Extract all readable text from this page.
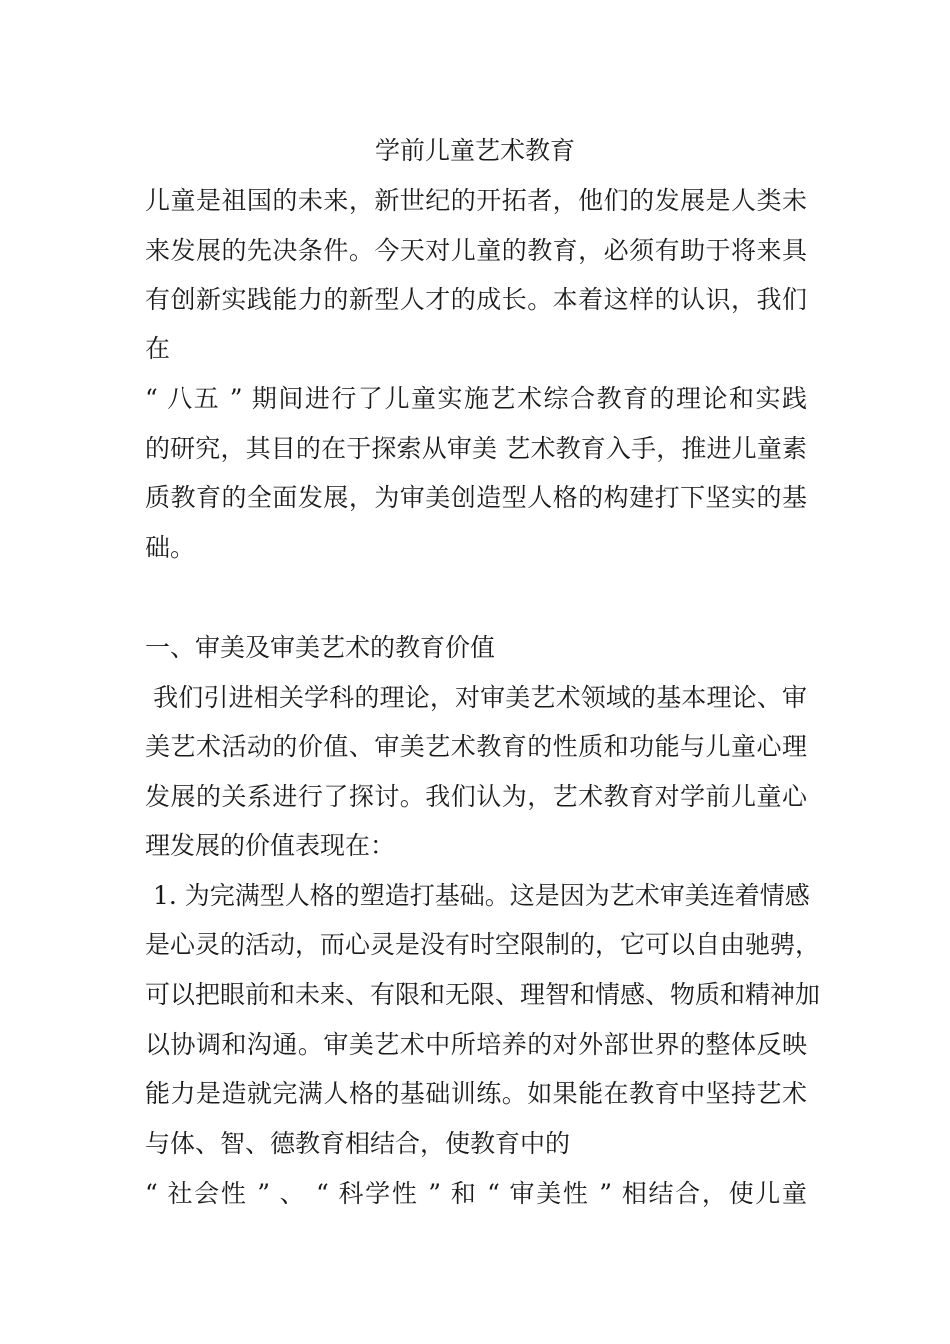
学前儿童艺术教育
儿童是祖国的未来，新世纪的开拓者，他们的发展是人类未
来发展的先决条件。今天对儿童的教育，必须有助于将来具
有创新实践能力的新型人才的成长。本着这样的认识，我们
在
“ 八五 ” 期间进行了儿童实施艺术综合教育的理论和实践
的研究，其目的在于探索从审美 艺术教育入手，推进儿童素
质教育的全面发展，为审美创造型人格的构建打下坚实的基
础。
一、审美及审美艺术的教育价值
我们引进相关学科的理论，对审美艺术领域的基本理论、审
美艺术活动的价值、审美艺术教育的性质和功能与儿童心理
发展的关系进行了探讨。我们认为，艺术教育对学前儿童心
理发展的价值表现在：
1. 为完满型人格的塑造打基础。这是因为艺术审美连着情感
是心灵的活动，而心灵是没有时空限制的，它可以自由驰骋，
可以把眼前和未来、有限和无限、理智和情感、物质和精神加
以协调和沟通。审美艺术中所培养的对外部世界的整体反映
能力是造就完满人格的基础训练。如果能在教育中坚持艺术
与体、智、德教育相结合，使教育中的
“ 社会性 ” 、 “ 科学性 ” 和 “ 审美性 ” 相结合，使儿童
